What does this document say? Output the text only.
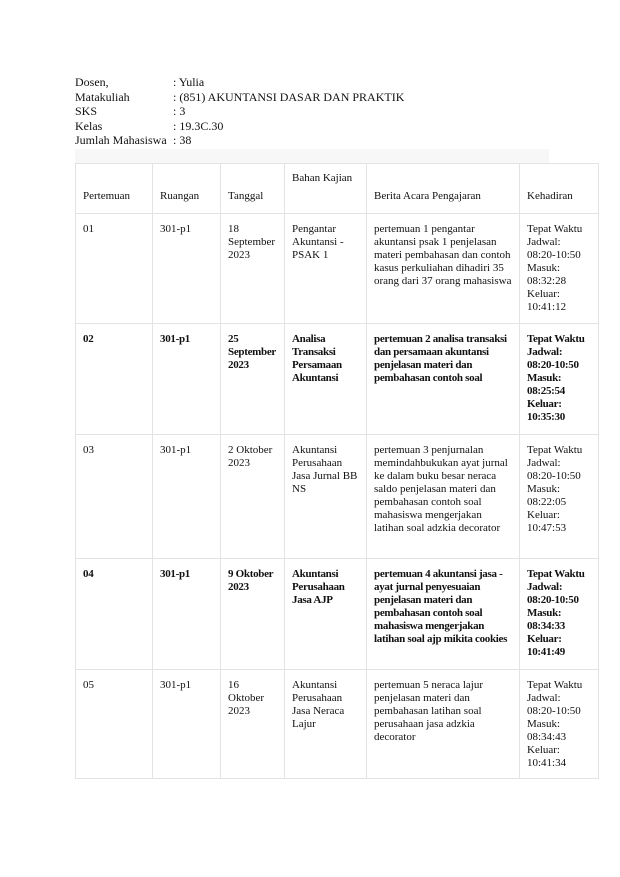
Dosen,	: Yulia
Matakuliah	: (851) AKUNTANSI DASAR DAN PRAKTIK
SKS	: 3
Kelas	: 19.3C.30
Jumlah Mahasiswa : 38
Pertemuan	Ruangan	Tanggal	Bahan Kajian	Berita Acara Pengajaran	Kehadiran
01	301-p1	18 September 2023	Pengantar Akuntansi - PSAK 1	pertemuan 1 pengantar akuntansi psak 1 penjelasan materi pembahasan dan contoh kasus perkuliahan dihadiri 35 orang dari 37 orang mahasiswa	Tepat Waktu
Jadwal: 08:20-10:50
Masuk: 08:32:28
Keluar: 10:41:12

02	301-p1	25 September 2023	Analisa Transaksi Persamaan Akuntansi	pertemuan 2 analisa transaksi dan persamaan akuntansi penjelasan materi dan pembahasan contoh soal	Tepat Waktu
Jadwal: 08:20-10:50
Masuk: 08:25:54
Keluar: 10:35:30

03	301-p1	2 Oktober 2023	Akuntansi Perusahaan Jasa Jurnal BB NS	pertemuan 3 penjurnalan memindahbukukan ayat jurnal ke dalam buku besar neraca saldo penjelasan materi dan pembahasan contoh soal mahasiswa mengerjakan latihan soal adzkia decorator	Tepat Waktu
Jadwal: 08:20-10:50
Masuk: 08:22:05
Keluar: 10:47:53

04	301-p1	9 Oktober 2023	Akuntansi Perusahaan Jasa AJP	pertemuan 4 akuntansi jasa - ayat jurnal penyesuaian penjelasan materi dan pembahasan contoh soal mahasiswa mengerjakan latihan soal ajp mikita cookies	Tepat Waktu
Jadwal: 08:20-10:50
Masuk: 08:34:33
Keluar: 10:41:49

05	301-p1	16 Oktober 2023	Akuntansi Perusahaan Jasa Neraca Lajur	pertemuan 5 neraca lajur penjelasan materi dan pembahasan latihan soal perusahaan jasa adzkia decorator	Tepat Waktu
Jadwal: 08:20-10:50
Masuk: 08:34:43
Keluar: 10:41:34
